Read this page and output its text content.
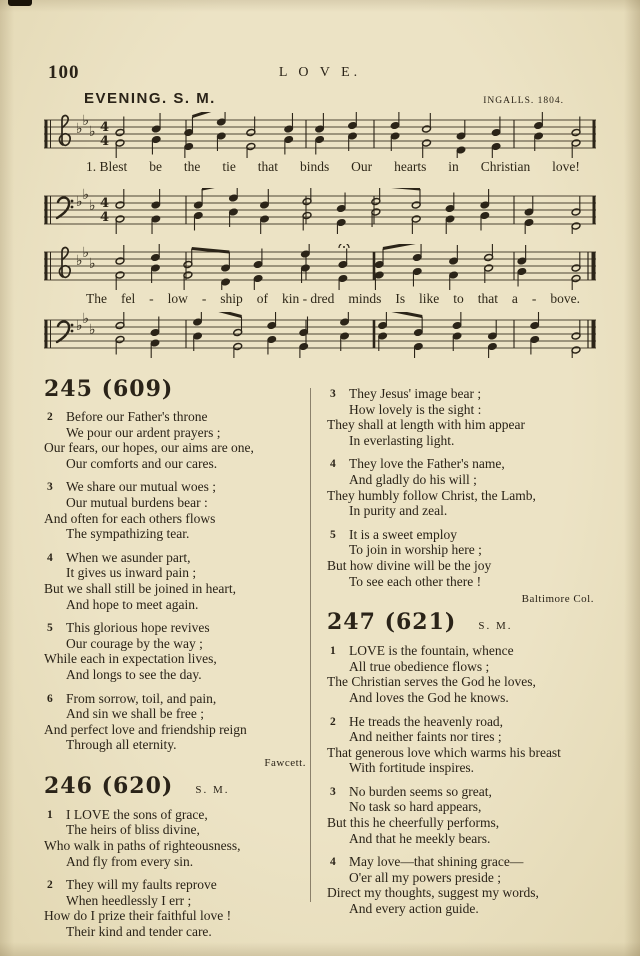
100	L O V E.
EVENING. S. M.	INGALLS. 1804.
♭ ♭
♭ 4
4
1. Blest be the tie that binds Our hearts in Christian love!
♭ ♭
♭ 4
4
♭ ♭
♭
The fel - low - ship of kin - dred minds Is like to that a - bove.
♭ ♭
♭
245 (609)
2 Before our Father's throne
We pour our ardent prayers ;
Our fears, our hopes, our aims are one,
Our comforts and our cares.
3 We share our mutual woes ;
Our mutual burdens bear :
And often for each others flows
The sympathizing tear.
4 When we asunder part,
It gives us inward pain ;
But we shall still be joined in heart,
And hope to meet again.
5 This glorious hope revives
Our courage by the way ;
While each in expectation lives,
And longs to see the day.
6 From sorrow, toil, and pain,
And sin we shall be free ;
And perfect love and friendship reign
Through all eternity.
Fawcett.
246 (620) S. M.
1 I LOVE the sons of grace,
The heirs of bliss divine,
Who walk in paths of righteousness,
And fly from every sin.
2 They will my faults reprove
When heedlessly I err ;
How do I prize their faithful love !
Their kind and tender care.
3 They Jesus' image bear ;
How lovely is the sight :
They shall at length with him appear
In everlasting light.
4 They love the Father's name,
And gladly do his will ;
They humbly follow Christ, the Lamb,
In purity and zeal.
5 It is a sweet employ
To join in worship here ;
But how divine will be the joy
To see each other there !
Baltimore Col.
247 (621) S. M.
1 LOVE is the fountain, whence
All true obedience flows ;
The Christian serves the God he loves,
And loves the God he knows.
2 He treads the heavenly road,
And neither faints nor tires ;
That generous love which warms his breast
With fortitude inspires.
3 No burden seems so great,
No task so hard appears,
But this he cheerfully performs,
And that he meekly bears.
4 May love—that shining grace—
O'er all my powers preside ;
Direct my thoughts, suggest my words,
And every action guide.
